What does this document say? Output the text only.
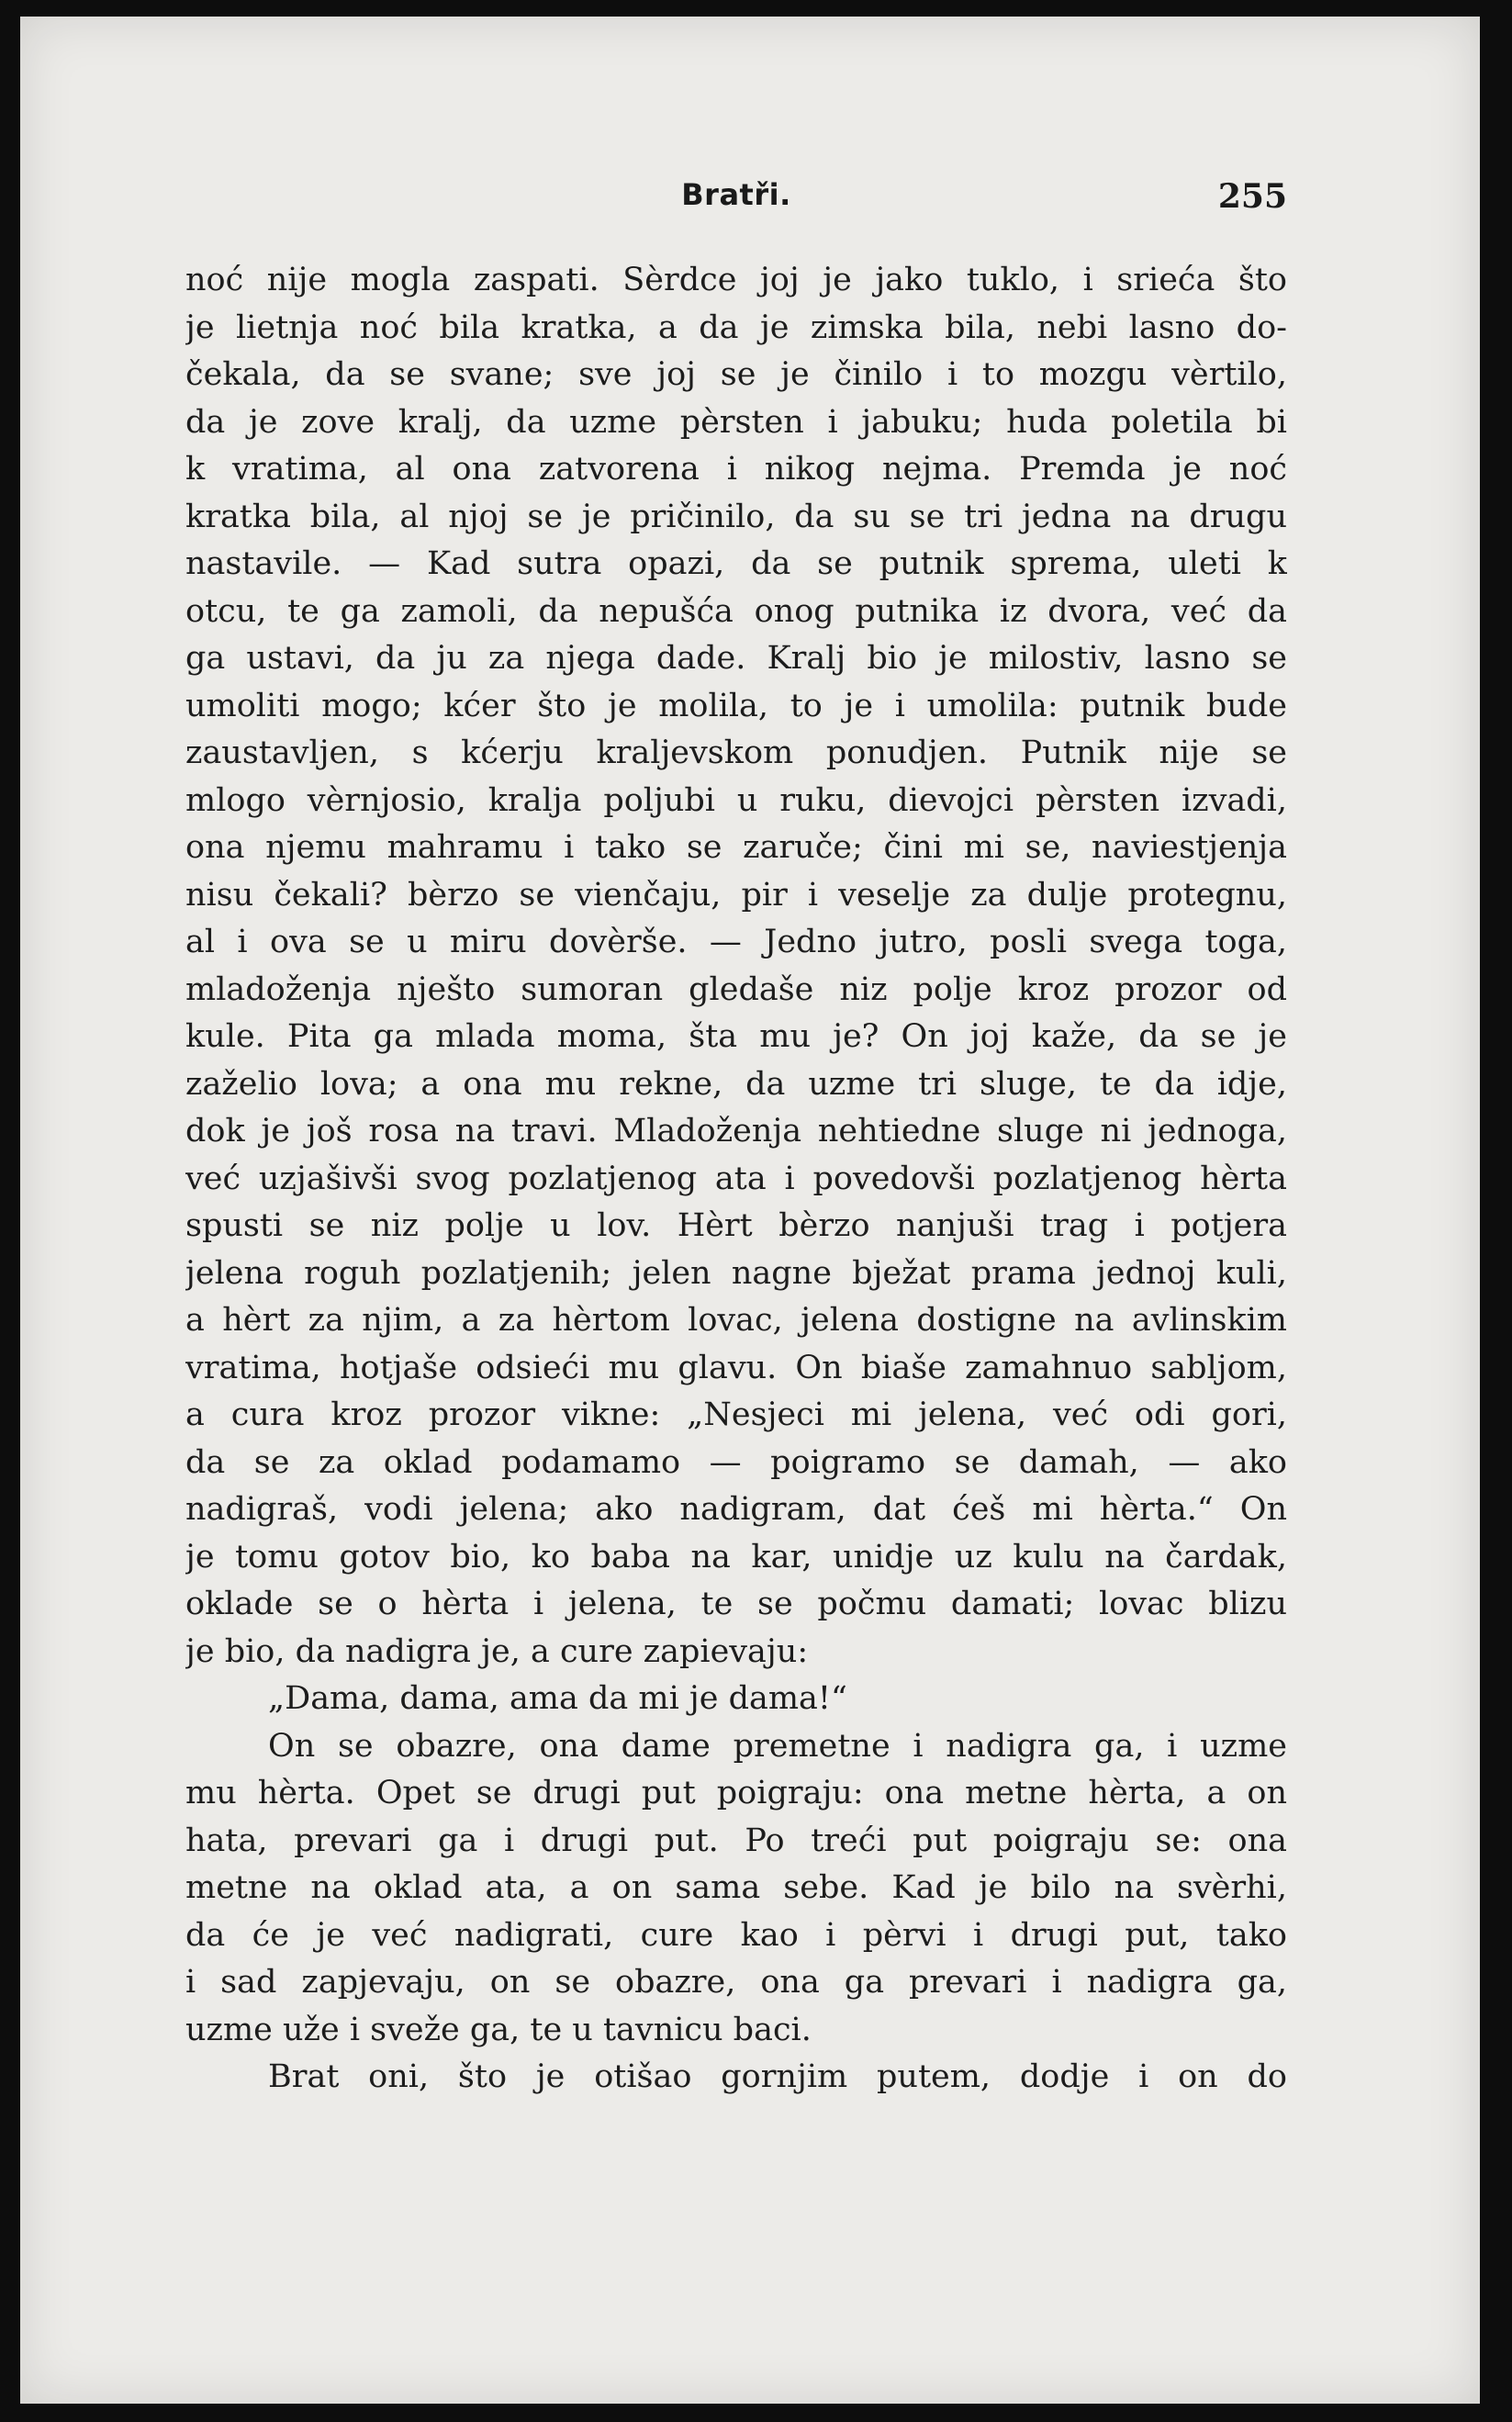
Bratři.	255
noć nije mogla zaspati. Sèrdce joj je jako tuklo, i srieća što
je lietnja noć bila kratka, a da je zimska bila, nebi lasno do-
čekala, da se svane; sve joj se je činilo i to mozgu vèrtilo,
da je zove kralj, da uzme pèrsten i jabuku; huda poletila bi
k vratima, al ona zatvorena i nikog nejma. Premda je noć
kratka bila, al njoj se je pričinilo, da su se tri jedna na drugu
nastavile. — Kad sutra opazi, da se putnik sprema, uleti k
otcu, te ga zamoli, da nepušća onog putnika iz dvora, već da
ga ustavi, da ju za njega dade. Kralj bio je milostiv, lasno se
umoliti mogo; kćer što je molila, to je i umolila: putnik bude
zaustavljen, s kćerju kraljevskom ponudjen. Putnik nije se
mlogo vèrnjosio, kralja poljubi u ruku, dievojci pèrsten izvadi,
ona njemu mahramu i tako se zaruče; čini mi se, naviestjenja
nisu čekali? bèrzo se vienčaju, pir i veselje za dulje protegnu,
al i ova se u miru dovèrše. — Jedno jutro, posli svega toga,
mladoženja nješto sumoran gledaše niz polje kroz prozor od
kule. Pita ga mlada moma, šta mu je? On joj kaže, da se je
zaželio lova; a ona mu rekne, da uzme tri sluge, te da idje,
dok je još rosa na travi. Mladoženja nehtiedne sluge ni jednoga,
već uzjašivši svog pozlatjenog ata i povedovši pozlatjenog hèrta
spusti se niz polje u lov. Hèrt bèrzo nanjuši trag i potjera
jelena roguh pozlatjenih; jelen nagne bježat prama jednoj kuli,
a hèrt za njim, a za hèrtom lovac, jelena dostigne na avlinskim
vratima, hotjaše odsieći mu glavu. On biaše zamahnuo sabljom,
a cura kroz prozor vikne: „Nesjeci mi jelena, već odi gori,
da se za oklad podamamo — poigramo se damah, — ako
nadigraš, vodi jelena; ako nadigram, dat ćeš mi hèrta.“ On
je tomu gotov bio, ko baba na kar, unidje uz kulu na čardak,
oklade se o hèrta i jelena, te se počmu damati; lovac blizu
je bio, da nadigra je, a cure zapievaju:
„Dama, dama, ama da mi je dama!“
On se obazre, ona dame premetne i nadigra ga, i uzme
mu hèrta. Opet se drugi put poigraju: ona metne hèrta, a on
hata, prevari ga i drugi put. Po treći put poigraju se: ona
metne na oklad ata, a on sama sebe. Kad je bilo na svèrhi,
da će je već nadigrati, cure kao i pèrvi i drugi put, tako
i sad zapjevaju, on se obazre, ona ga prevari i nadigra ga,
uzme uže i sveže ga, te u tavnicu baci.
Brat oni, što je otišao gornjim putem, dodje i on do
